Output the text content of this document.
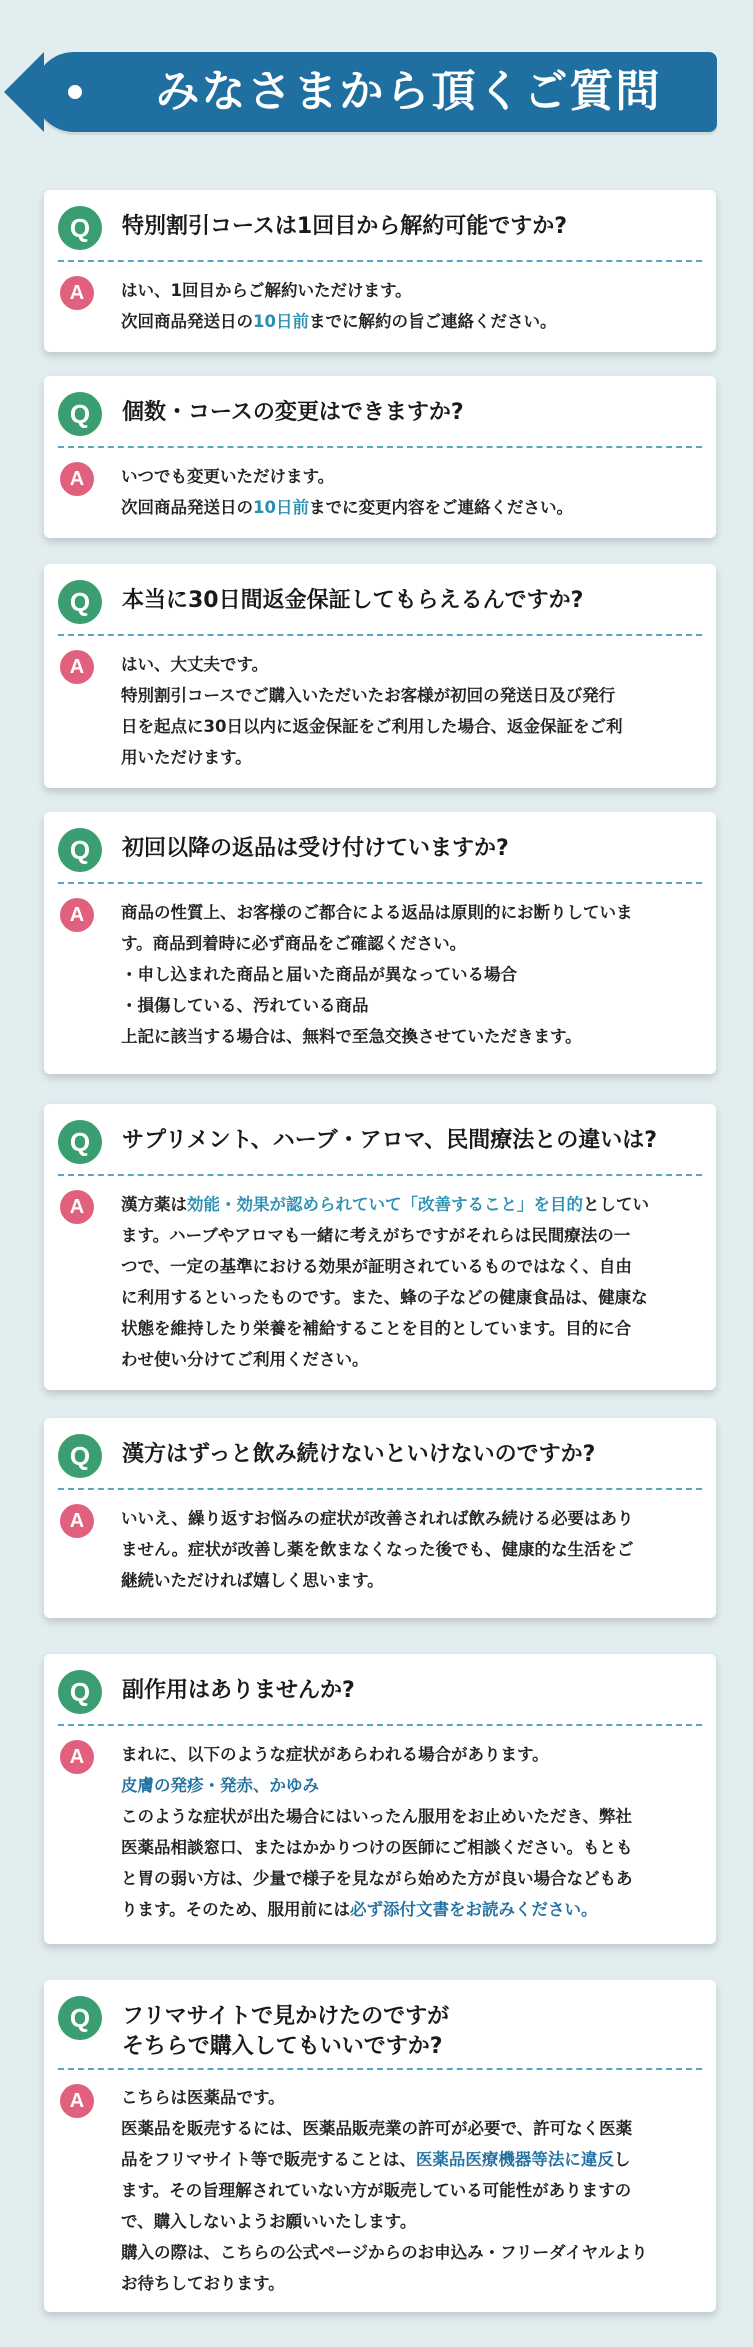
みなさまから頂くご質問
Q	特別割引コースは1回目から解約可能ですか?
A	はい、1回目からご解約いただけます。
次回商品発送日の10日前までに解約の旨ご連絡ください。
Q	個数・コースの変更はできますか?
A	いつでも変更いただけます。
次回商品発送日の10日前までに変更内容をご連絡ください。
Q	本当に30日間返金保証してもらえるんですか?
A	はい、大丈夫です。
特別割引コースでご購入いただいたお客様が初回の発送日及び発行
日を起点に30日以内に返金保証をご利用した場合、返金保証をご利
用いただけます。
Q	初回以降の返品は受け付けていますか?
A	商品の性質上、お客様のご都合による返品は原則的にお断りしていま
す。商品到着時に必ず商品をご確認ください。
・申し込まれた商品と届いた商品が異なっている場合
・損傷している、汚れている商品
上記に該当する場合は、無料で至急交換させていただきます。
Q	サプリメント、ハーブ・アロマ、民間療法との違いは?
A	漢方薬は効能・効果が認められていて「改善すること」を目的としてい
ます。ハーブやアロマも一緒に考えがちですがそれらは民間療法の一
つで、一定の基準における効果が証明されているものではなく、自由
に利用するといったものです。また、蜂の子などの健康食品は、健康な
状態を維持したり栄養を補給することを目的としています。目的に合
わせ使い分けてご利用ください。
Q	漢方はずっと飲み続けないといけないのですか?
A	いいえ、繰り返すお悩みの症状が改善されれば飲み続ける必要はあり
ません。症状が改善し薬を飲まなくなった後でも、健康的な生活をご
継続いただければ嬉しく思います。
Q	副作用はありませんか?
A	まれに、以下のような症状があらわれる場合があります。
皮膚の発疹・発赤、かゆみ
このような症状が出た場合にはいったん服用をお止めいただき、弊社
医薬品相談窓口、またはかかりつけの医師にご相談ください。もとも
と胃の弱い方は、少量で様子を見ながら始めた方が良い場合などもあ
ります。そのため、服用前には必ず添付文書をお読みください。
Q	フリマサイトで見かけたのですが
そちらで購入してもいいですか?
A	こちらは医薬品です。
医薬品を販売するには、医薬品販売業の許可が必要で、許可なく医薬
品をフリマサイト等で販売することは、医薬品医療機器等法に違反し
ます。その旨理解されていない方が販売している可能性がありますの
で、購入しないようお願いいたします。
購入の際は、こちらの公式ページからのお申込み・フリーダイヤルより
お待ちしております。
